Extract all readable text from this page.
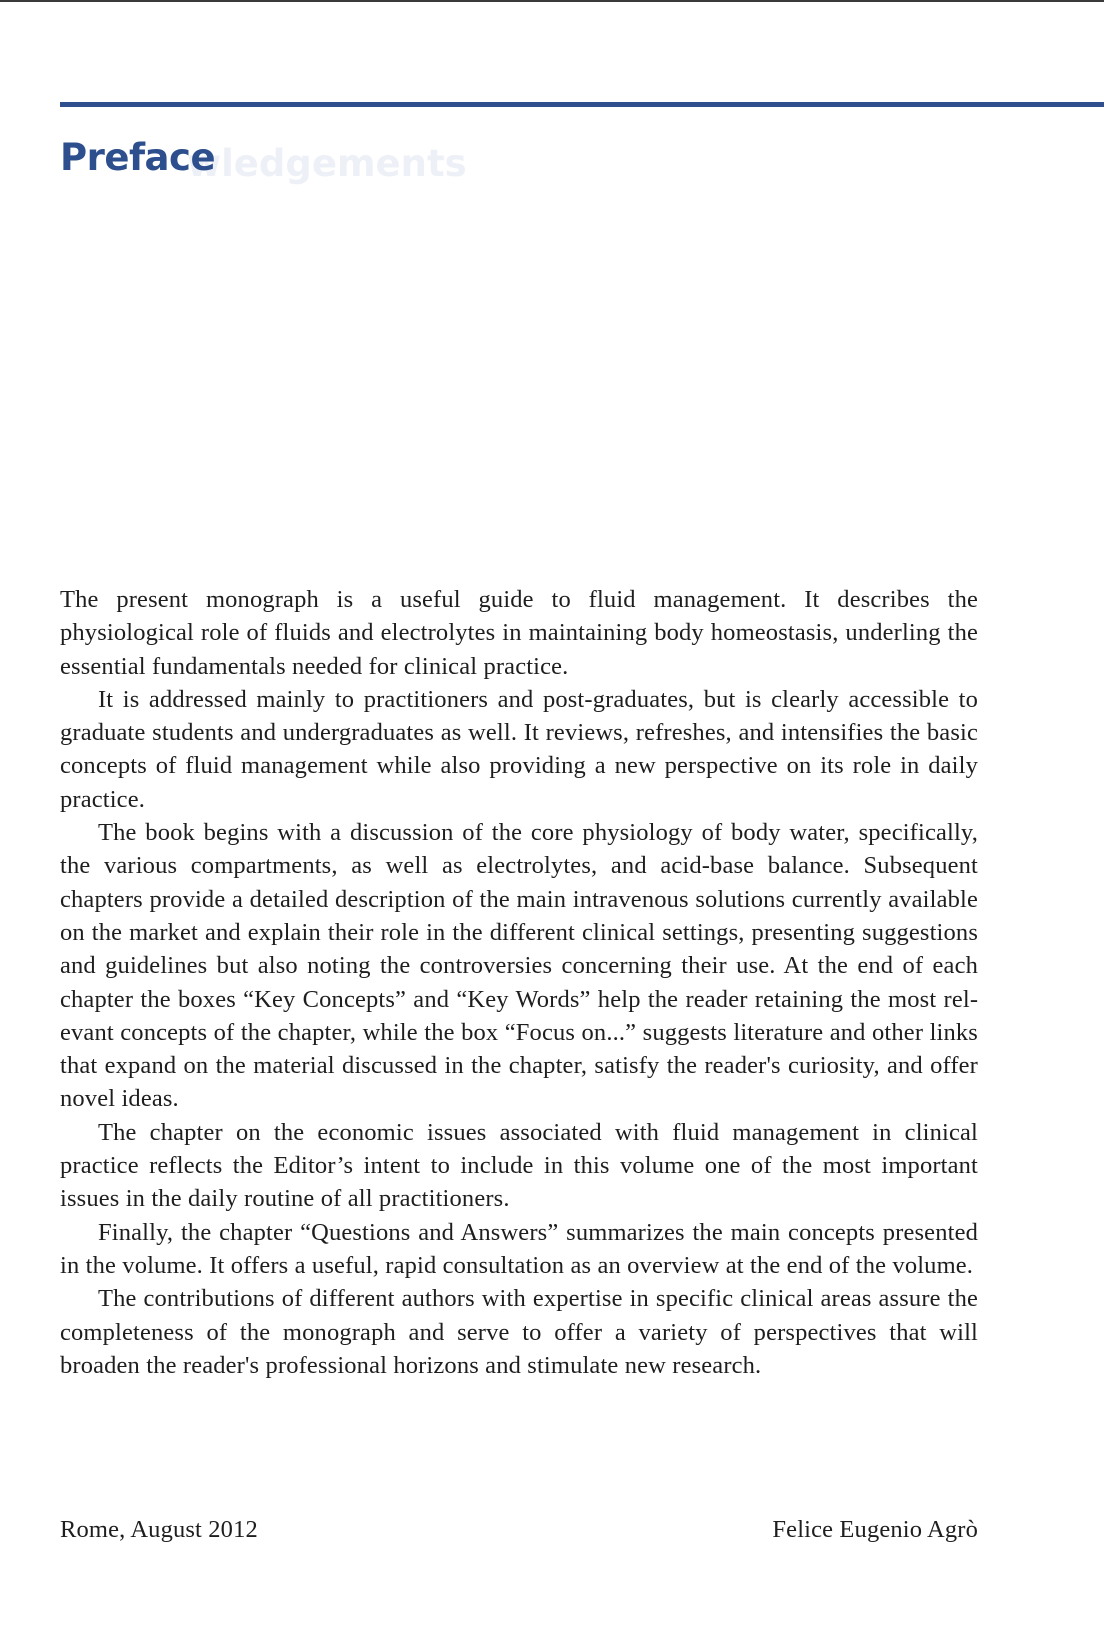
wledgements
Preface

The present monograph is a useful guide to fluid management. It describes the physiological role of fluids and electrolytes in maintaining body homeostasis, underling the essential fundamentals needed for clinical practice.

It is addressed mainly to practitioners and post-graduates, but is clearly accessible to graduate students and undergraduates as well. It reviews, refreshes, and intensifies the basic concepts of fluid management while also providing a new perspective on its role in daily practice.

The book begins with a discussion of the core physiology of body water, specifically, the various compartments, as well as electrolytes, and acid-base balance. Subsequent chapters provide a detailed description of the main intravenous solutions currently available on the market and explain their role in the different clinical settings, presenting suggestions and guidelines but also noting the controversies concerning their use. At the end of each chapter the boxes “Key Concepts” and “Key Words” help the reader retaining the most relevant concepts of the chapter, while the box “Focus on...” suggests literature and other links that expand on the material discussed in the chapter, satisfy the reader's curiosity, and offer novel ideas.

The chapter on the economic issues associated with fluid management in clinical practice reflects the Editor’s intent to include in this volume one of the most important issues in the daily routine of all practitioners.

Finally, the chapter “Questions and Answers” summarizes the main concepts presented in the volume. It offers a useful, rapid consultation as an overview at the end of the volume.

The contributions of different authors with expertise in specific clinical areas assure the completeness of the monograph and serve to offer a variety of perspectives that will broaden the reader's professional horizons and stimulate new research.

Rome, August 2012	Felice Eugenio Agrò
